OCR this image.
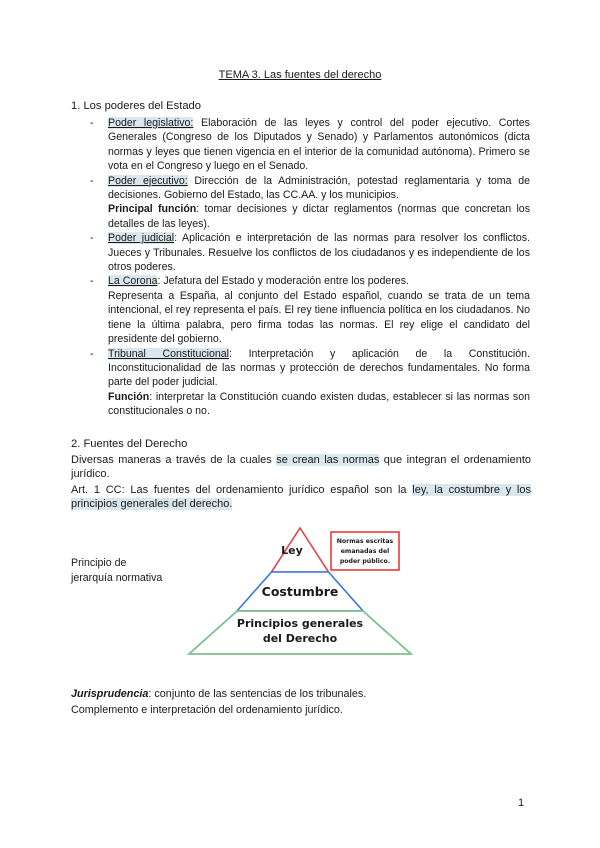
TEMA 3. Las fuentes del derecho
1. Los poderes del Estado
- Poder legislativo: Elaboración de las leyes y control del poder ejecutivo. Cortes Generales (Congreso de los Diputados y Senado) y Parlamentos autonómicos (dicta normas y leyes que tienen vigencia en el interior de la comunidad autónoma). Primero se vota en el Congreso y luego en el Senado.
- Poder ejecutivo: Dirección de la Administración, potestad reglamentaria y toma de decisiones. Gobierno del Estado, las CC.AA. y los municipios.
Principal función: tomar decisiones y dictar reglamentos (normas que concretan los detalles de las leyes).
- Poder judicial: Aplicación e interpretación de las normas para resolver los conflictos. Jueces y Tribunales. Resuelve los conflictos de los ciudadanos y es independiente de los otros poderes.
- La Corona: Jefatura del Estado y moderación entre los poderes.
Representa a España, al conjunto del Estado español, cuando se trata de un tema intencional, el rey representa el país. El rey tiene influencia política en los ciudadanos. No tiene la última palabra, pero firma todas las normas. El rey elige el candidato del presidente del gobierno.
- Tribunal Constitucional: Interpretación y aplicación de la Constitución. Inconstitucionalidad de las normas y protección de derechos fundamentales. No forma parte del poder judicial.
Función: interpretar la Constitución cuando existen dudas, establecer si las normas son constitucionales o no.
2. Fuentes del Derecho
Diversas maneras a través de la cuales se crean las normas que integran el ordenamiento jurídico.
Art. 1 CC: Las fuentes del ordenamiento jurídico español son la ley, la costumbre y los principios generales del derecho.
Principio de jerarquía normativa
Ley
Costumbre
Principios generales
del Derecho
Normas escritas
emanadas del
poder público.
Jurisprudencia: conjunto de las sentencias de los tribunales.
Complemento e interpretación del ordenamiento jurídico.
1
